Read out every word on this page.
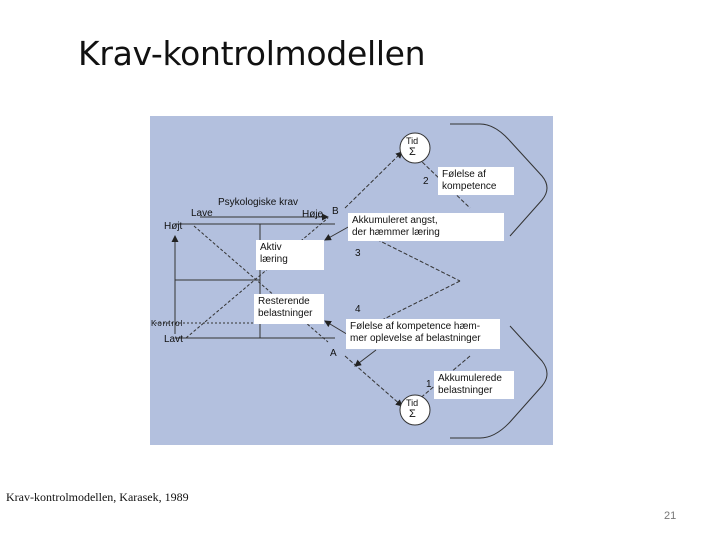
Krav-kontrolmodellen
Tid
Σ
Tid
Σ
Psykologiske krav
Lave	Høje B
Højt
Lavt
A
Kontrol
2
3
4
1
Følelse af
kompetence
Akkumuleret angst,
der hæmmer læring
Aktiv
læring
Resterende
belastninger
Følelse af kompetence hæm-
mer oplevelse af belastninger
Akkumulerede
belastninger
Krav-kontrolmodellen, Karasek, 1989
21
